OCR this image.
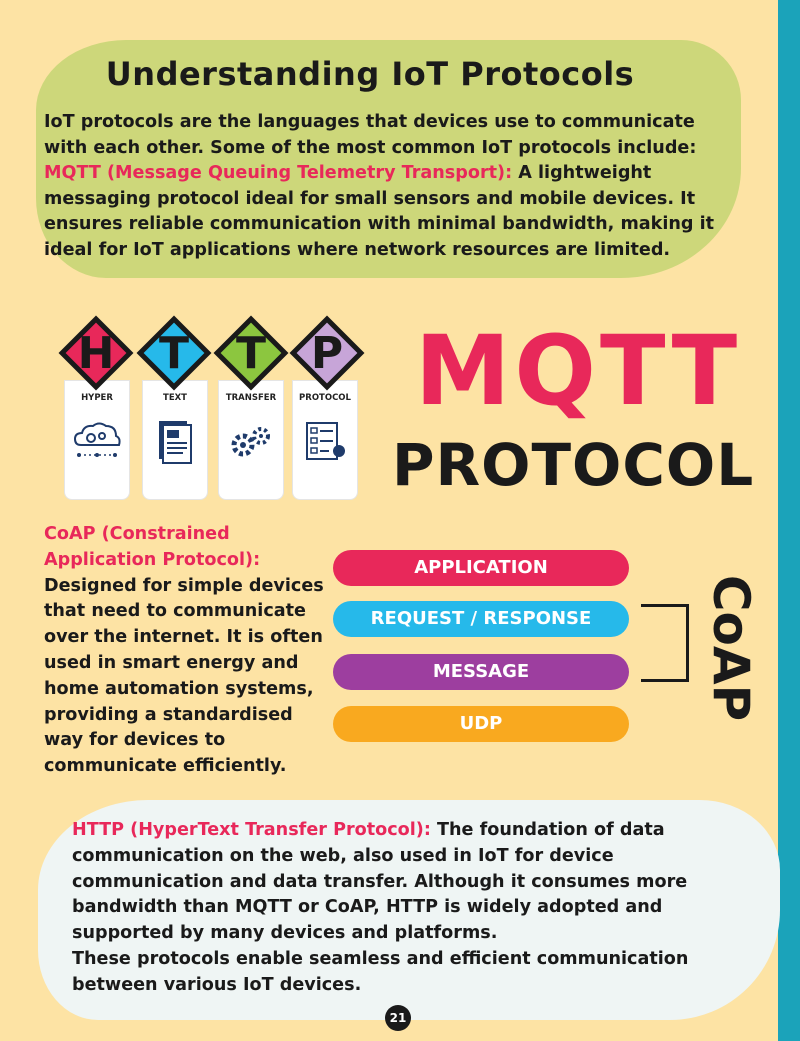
Understanding IoT Protocols
IoT protocols are the languages that devices use to communicate with each other. Some of the most common IoT protocols include:
MQTT (Message Queuing Telemetry Transport): A lightweight messaging protocol ideal for small sensors and mobile devices. It ensures reliable communication with minimal bandwidth, making it ideal for IoT applications where network resources are limited.
HYPER	TEXT	TRANSFER	PROTOCOL
H	T	T	P MQTT
PROTOCOL
CoAP (Constrained Application Protocol): Designed for simple devices that need to communicate over the internet. It is often used in smart energy and home automation systems, providing a standardised way for devices to communicate efficiently.
APPLICATION
REQUEST / RESPONSE
MESSAGE
UDP
CoAP
HTTP (HyperText Transfer Protocol): The foundation of data communication on the web, also used in IoT for device communication and data transfer. Although it consumes more bandwidth than MQTT or CoAP, HTTP is widely adopted and supported by many devices and platforms.
These protocols enable seamless and efficient communication between various IoT devices.
21
